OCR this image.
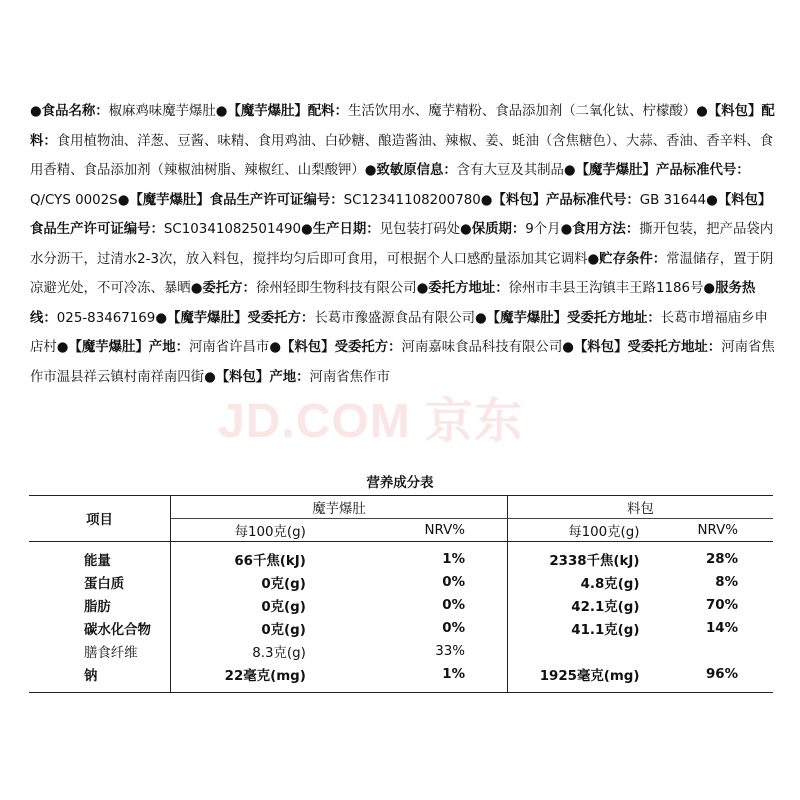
●食品名称：椒麻鸡味魔芋爆肚●【魔芋爆肚】配料：生活饮用水、魔芋精粉、食品添加剂（二氧化钛、柠檬酸）●【料包】配料：食用植物油、洋葱、豆酱、味精、食用鸡油、白砂糖、酿造酱油、辣椒、姜、蚝油（含焦糖色）、大蒜、香油、香辛料、食用香精、食品添加剂（辣椒油树脂、辣椒红、山梨酸钾）●致敏原信息：含有大豆及其制品●【魔芋爆肚】产品标准代号：Q/CYS 0002S●【魔芋爆肚】食品生产许可证编号：SC12341108200780●【料包】产品标准代号：GB 31644●【料包】食品生产许可证编号：SC10341082501490●生产日期：见包装打码处●保质期：9个月●食用方法：撕开包装，把产品袋内水分沥干，过清水2-3次，放入料包，搅拌均匀后即可食用，可根据个人口感酌量添加其它调料●贮存条件：常温储存，置于阴凉避光处，不可冷冻、暴晒●委托方：徐州轻即生物科技有限公司●委托方地址：徐州市丰县王沟镇丰王路1186号●服务热线：025-83467169●【魔芋爆肚】受委托方：长葛市豫盛源食品有限公司●【魔芋爆肚】受委托方地址：长葛市增福庙乡申店村●【魔芋爆肚】产地：河南省许昌市●【料包】受委托方：河南嘉味食品科技有限公司●【料包】受委托方地址：河南省焦作市温县祥云镇村南祥南四街●【料包】产地：河南省焦作市
JD.COM 京东
营养成分表
项目	魔芋爆肚		料包	
	每100克(g)	NRV%	每100克(g)	NRV%
能量	66千焦(kJ)	1%	2338千焦(kJ)	28%
蛋白质	0克(g)	0%	4.8克(g)	8%
脂肪	0克(g)	0%	42.1克(g)	70%
碳水化合物	0克(g)	0%	41.1克(g)	14%
膳食纤维	8.3克(g)	33%		
钠	22毫克(mg)	1%	1925毫克(mg)	96%
